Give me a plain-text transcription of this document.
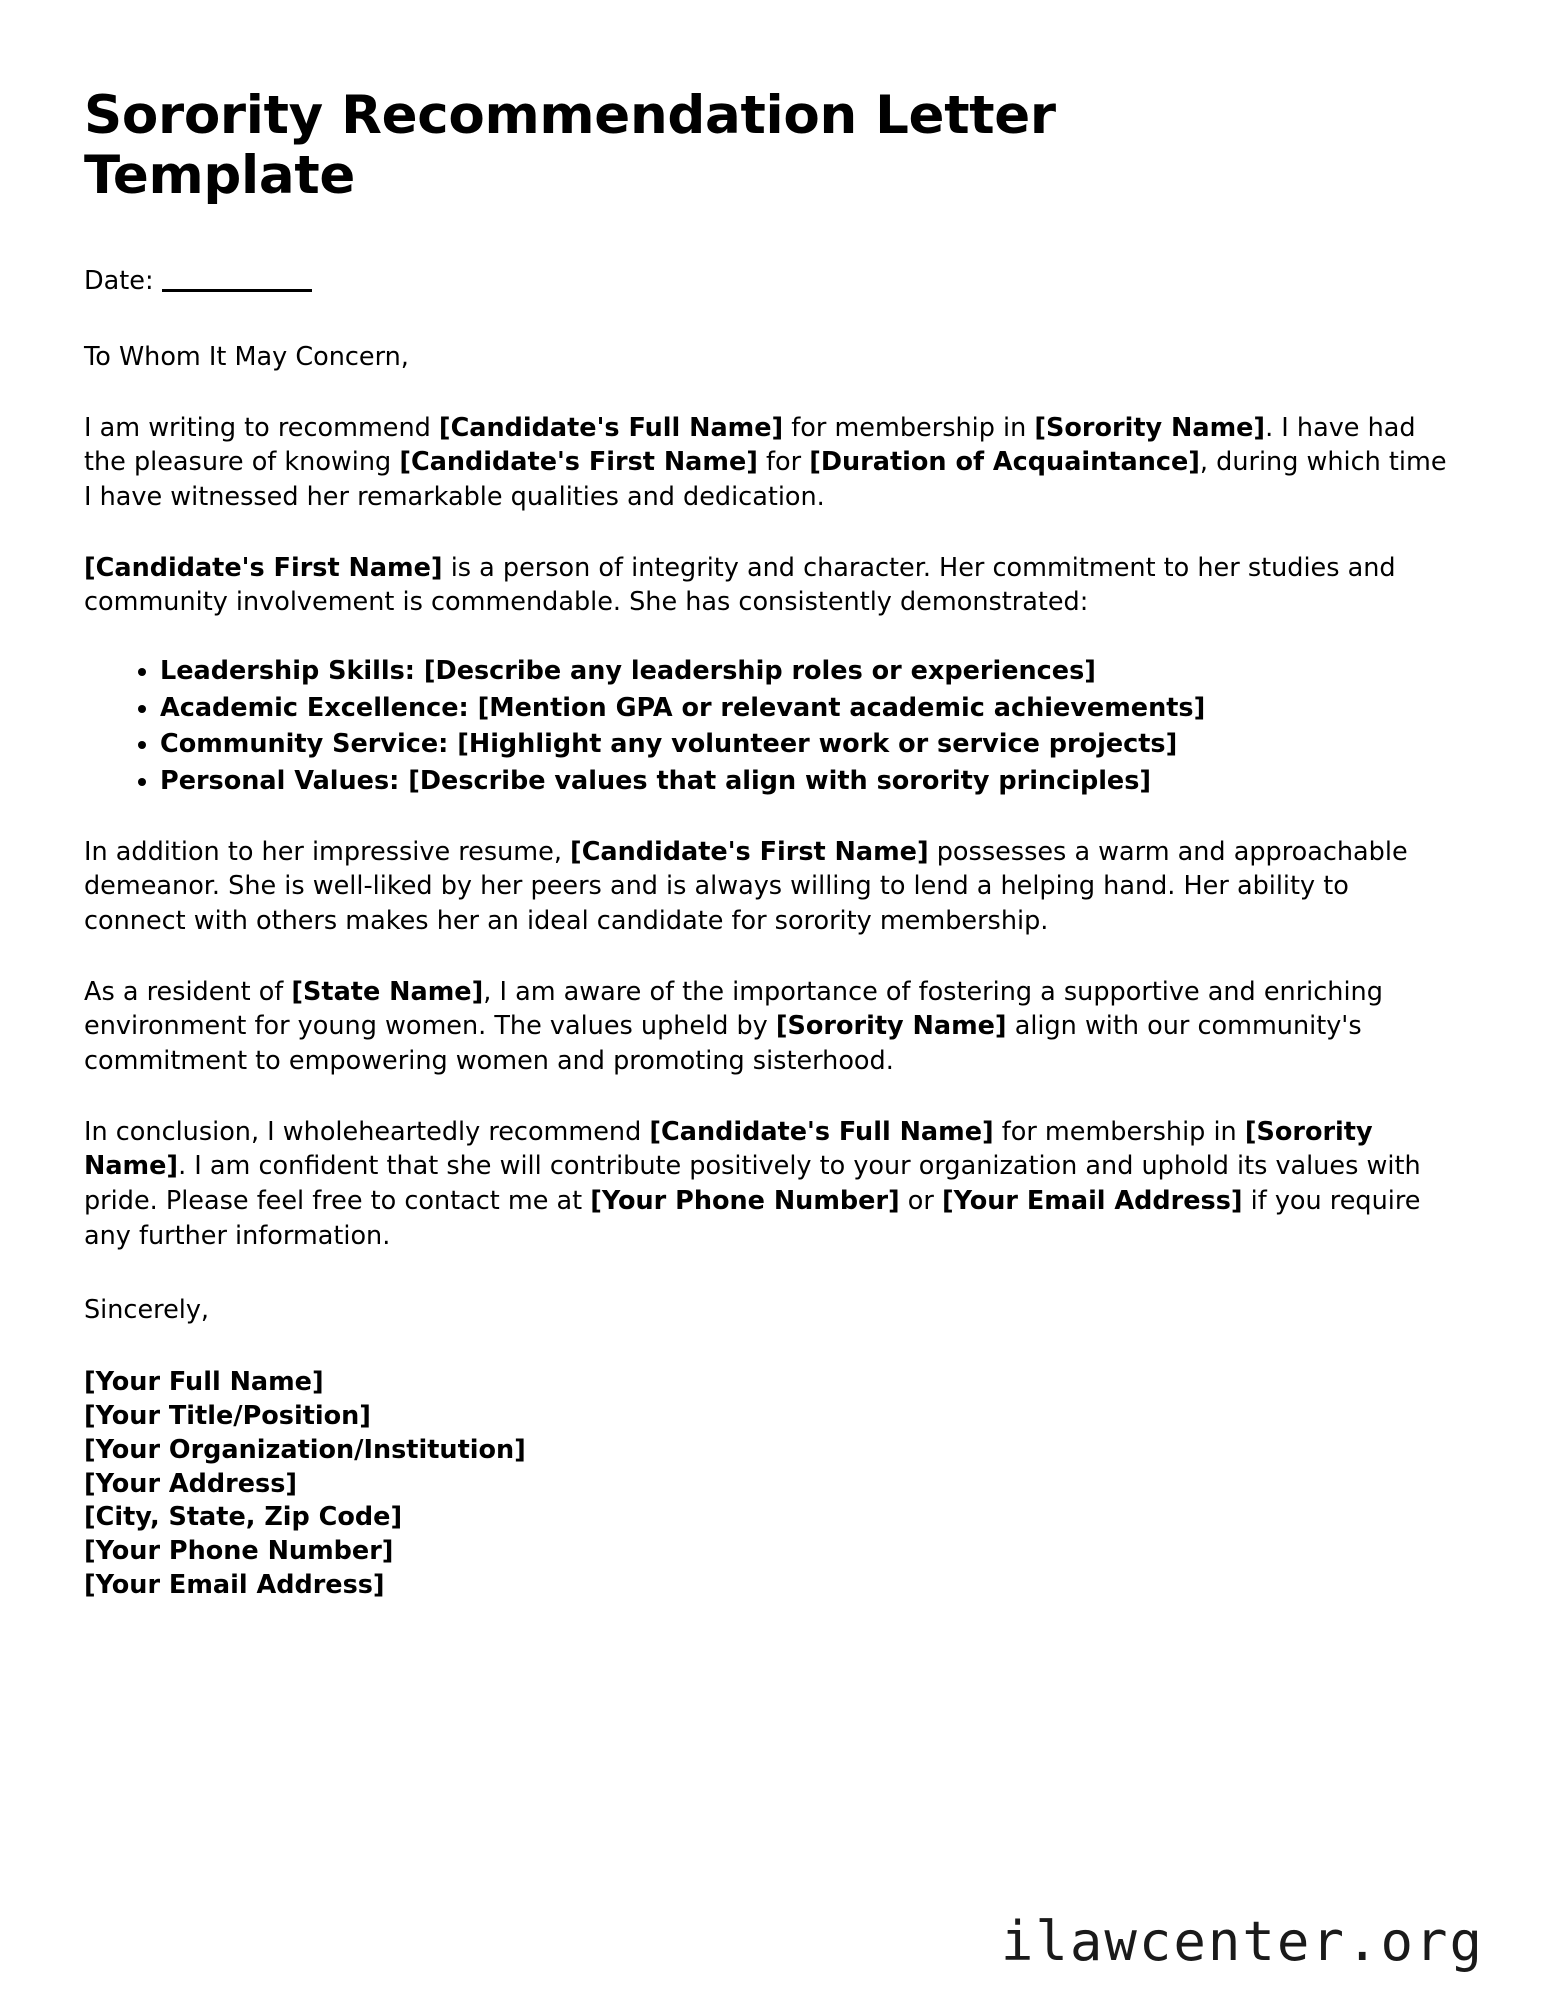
Sorority Recommendation Letter Template
Date:
To Whom It May Concern,

I am writing to recommend [Candidate's Full Name] for membership in [Sorority Name]. I have had the pleasure of knowing [Candidate's First Name] for [Duration of Acquaintance], during which time I have witnessed her remarkable qualities and dedication.

[Candidate's First Name] is a person of integrity and character. Her commitment to her studies and community involvement is commendable. She has consistently demonstrated:

• Leadership Skills: [Describe any leadership roles or experiences]
• Academic Excellence: [Mention GPA or relevant academic achievements]
• Community Service: [Highlight any volunteer work or service projects]
• Personal Values: [Describe values that align with sorority principles]

In addition to her impressive resume, [Candidate's First Name] possesses a warm and approachable demeanor. She is well-liked by her peers and is always willing to lend a helping hand. Her ability to connect with others makes her an ideal candidate for sorority membership.

As a resident of [State Name], I am aware of the importance of fostering a supportive and enriching environment for young women. The values upheld by [Sorority Name] align with our community's commitment to empowering women and promoting sisterhood.

In conclusion, I wholeheartedly recommend [Candidate's Full Name] for membership in [Sorority Name]. I am confident that she will contribute positively to your organization and uphold its values with pride. Please feel free to contact me at [Your Phone Number] or [Your Email Address] if you require any further information.

Sincerely,
[Your Full Name]
[Your Title/Position]
[Your Organization/Institution]
[Your Address]
[City, State, Zip Code]
[Your Phone Number]
[Your Email Address]
ilawcenter.org
